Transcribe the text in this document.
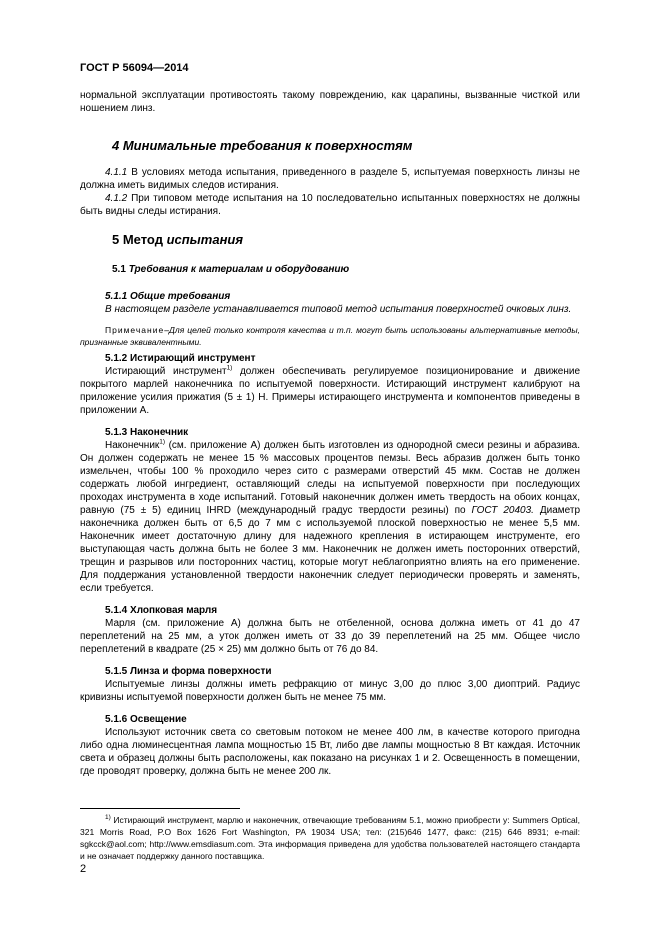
ГОСТ Р 56094—2014

нормальной эксплуатации противостоять такому повреждению, как царапины, вызванные чисткой или ношением линз.

4 Минимальные требования к поверхностям

4.1.1 В условиях метода испытания, приведенного в разделе 5, испытуемая поверхность линзы не должна иметь видимых следов истирания.

4.1.2 При типовом методе испытания на 10 последовательно испытанных поверхностях не должны быть видны следы истирания.

5 Метод испытания
5.1 Требования к материалам и оборудованию
5.1.1 Общие требования

В настоящем разделе устанавливается типовой метод испытания поверхностей очковых линз.

Примечание–Для целей только контроля качества и т.п. могут быть использованы альтернативные методы, признанные эквивалентными.

5.1.2 Истирающий инструмент

Истирающий инструмент$^{1)}$ должен обеспечивать регулируемое позиционирование и движение покрытого марлей наконечника по испытуемой поверхности. Истирающий инструмент калибруют на приложение усилия прижатия (5 ± 1) Н. Примеры истирающего инструмента и компонентов приведены в приложении А.

5.1.3 Наконечник

Наконечник$^{1)}$ (см. приложение А) должен быть изготовлен из однородной смеси резины и абразива. Он должен содержать не менее 15 % массовых процентов пемзы. Весь абразив должен быть тонко измельчен, чтобы 100 % проходило через сито с размерами отверстий 45 мкм. Состав не должен содержать любой ингредиент, оставляющий следы на испытуемой поверхности при последующих проходах инструмента в ходе испытаний. Готовый наконечник должен иметь твердость на обоих концах, равную (75 ± 5) единиц IHRD (международный градус твердости резины) по ГОСТ 20403. Диаметр наконечника должен быть от 6,5 до 7 мм с используемой плоской поверхностью не менее 5,5 мм. Наконечник имеет достаточную длину для надежного крепления в истирающем инструменте, его выступающая часть должна быть не более 3 мм. Наконечник не должен иметь посторонних отверстий, трещин и разрывов или посторонних частиц, которые могут неблагоприятно влиять на его применение. Для поддержания установленной твердости наконечник следует периодически проверять и заменять, если требуется.

5.1.4 Хлопковая марля

Марля (см. приложение А) должна быть не отбеленной, основа должна иметь от 41 до 47 переплетений на 25 мм, а уток должен иметь от 33 до 39 переплетений на 25 мм. Общее число переплетений в квадрате (25 × 25) мм должно быть от 76 до 84.

5.1.5 Линза и форма поверхности

Испытуемые линзы должны иметь рефракцию от минус 3,00 до плюс 3,00 диоптрий. Радиус кривизны испытуемой поверхности должен быть не менее 75 мм.

5.1.6 Освещение

Используют источник света со световым потоком не менее 400 лм, в качестве которого пригодна либо одна люминесцентная лампа мощностью 15 Вт, либо две лампы мощностью 8 Вт каждая. Источник света и образец должны быть расположены, как показано на рисунках 1 и 2. Освещенность в помещении, где проводят проверку, должна быть не менее 200 лк.

$^{1)}$ Истирающий инструмент, марлю и наконечник, отвечающие требованиям 5.1, можно приобрести у: Summers Optical, 321 Morris Road, P.O Box 1626 Fort Washington, PA 19034 USA; тел: (215)646 1477, факс: (215) 646 8931; e-mail: sgkcck@aol.com; http://www.emsdiasum.com. Эта информация приведена для удобства пользователей настоящего стандарта и не означает поддержку данного поставщика.

2
